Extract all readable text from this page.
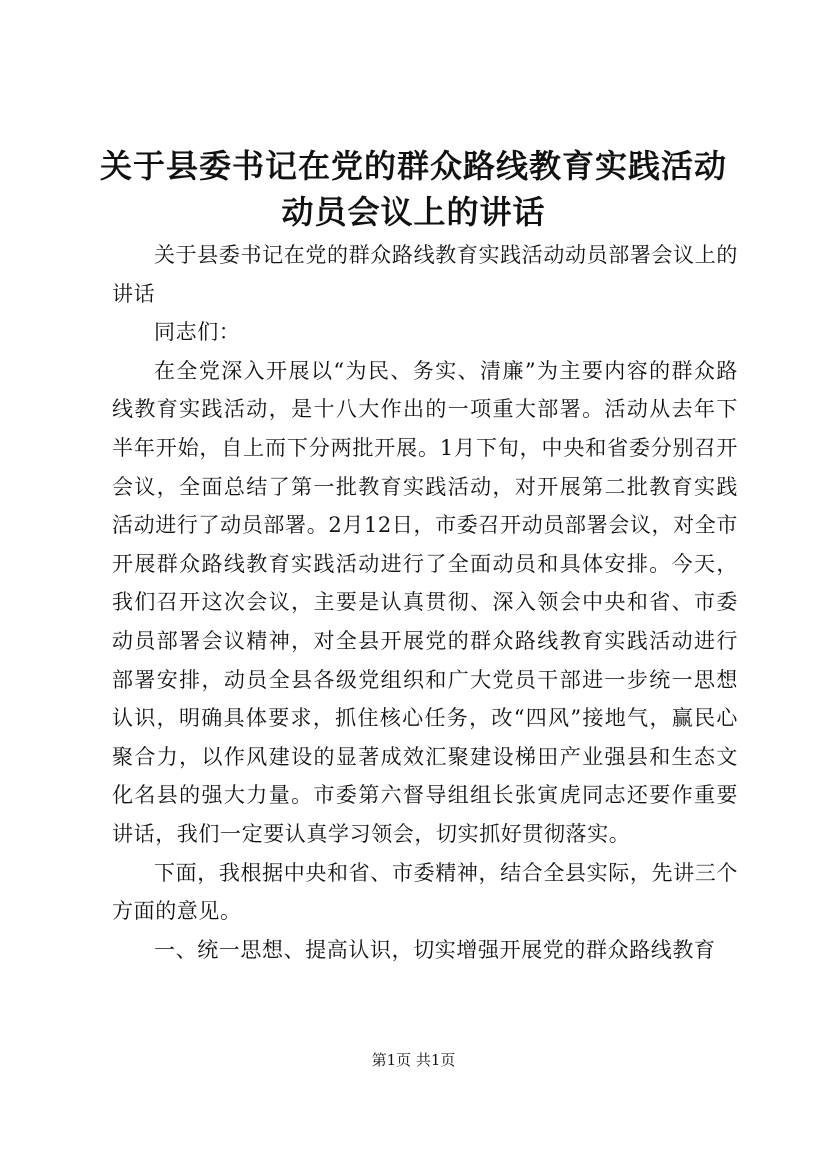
关于县委书记在党的群众路线教育实践活动动员会议上的讲话

关于县委书记在党的群众路线教育实践活动动员部署会议上的讲话

同志们：

在全党深入开展以“为民、务实、清廉”为主要内容的群众路线教育实践活动，是十八大作出的一项重大部署。活动从去年下半年开始，自上而下分两批开展。1月下旬，中央和省委分别召开会议，全面总结了第一批教育实践活动，对开展第二批教育实践活动进行了动员部署。2月12日，市委召开动员部署会议，对全市开展群众路线教育实践活动进行了全面动员和具体安排。今天，我们召开这次会议，主要是认真贯彻、深入领会中央和省、市委动员部署会议精神，对全县开展党的群众路线教育实践活动进行部署安排，动员全县各级党组织和广大党员干部进一步统一思想认识，明确具体要求，抓住核心任务，改“四风”接地气，赢民心聚合力，以作风建设的显著成效汇聚建设梯田产业强县和生态文化名县的强大力量。市委第六督导组组长张寅虎同志还要作重要讲话，我们一定要认真学习领会，切实抓好贯彻落实。

下面，我根据中央和省、市委精神，结合全县实际，先讲三个方面的意见。

一、统一思想、提高认识，切实增强开展党的群众路线教育

第1页 共1页
